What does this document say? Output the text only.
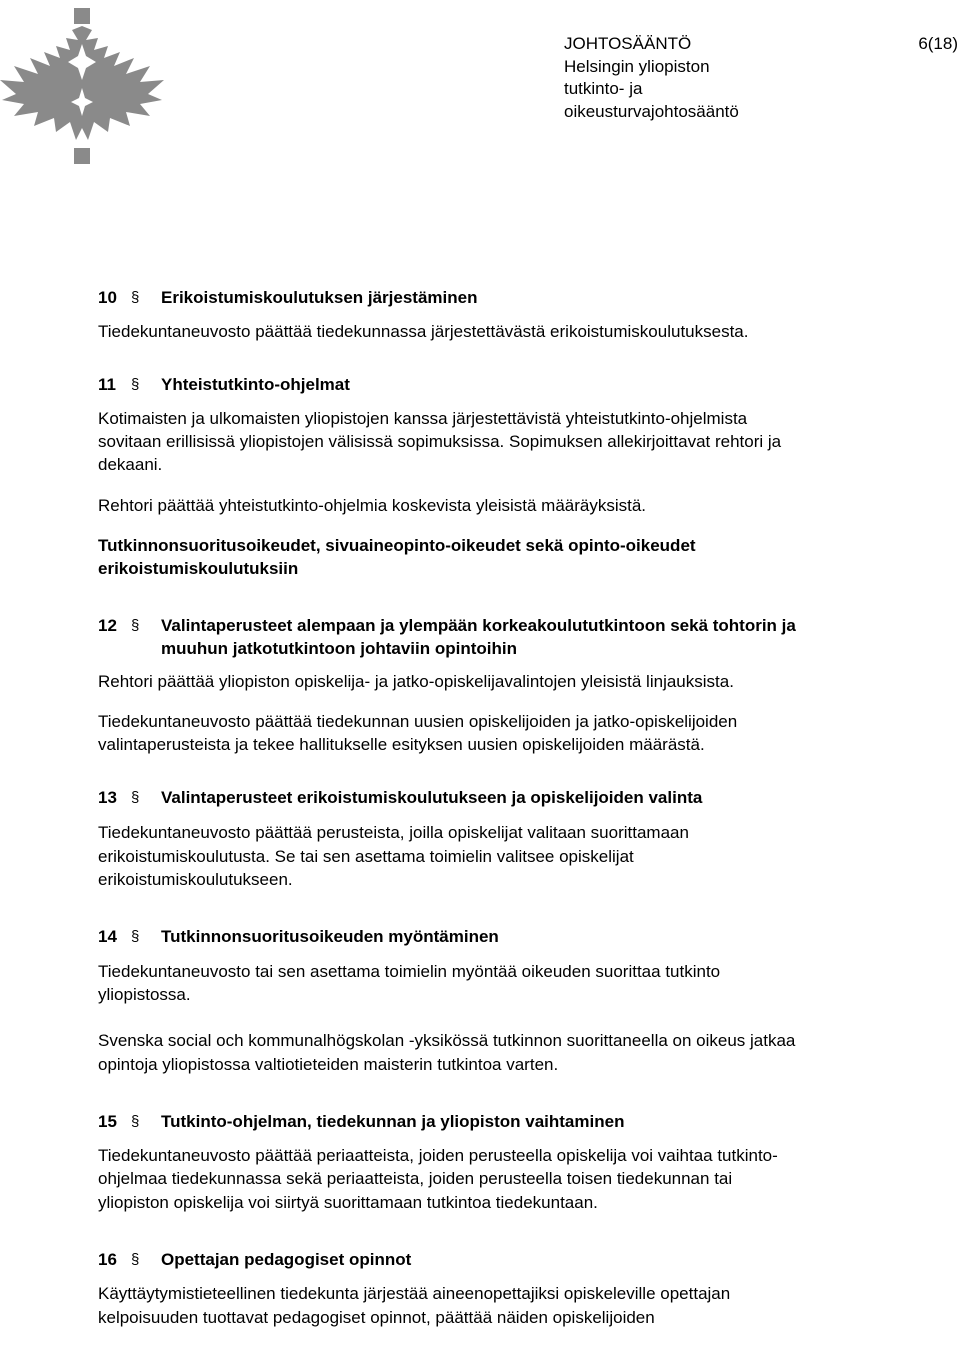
JOHTOSÄÄNTÖ
Helsingin yliopiston
tutkinto- ja
oikeusturvajohtosääntö
6(18)
10 § Erikoistumiskoulutuksen järjestäminen

Tiedekuntaneuvosto päättää tiedekunnassa järjestettävästä erikoistumiskoulutuksesta.

11 § Yhteistutkinto-ohjelmat

Kotimaisten ja ulkomaisten yliopistojen kanssa järjestettävistä yhteistutkinto-ohjelmista
sovitaan erillisissä yliopistojen välisissä sopimuksissa. Sopimuksen allekirjoittavat rehtori ja
dekaani.

Rehtori päättää yhteistutkinto-ohjelmia koskevista yleisistä määräyksistä.

Tutkinnonsuoritusoikeudet, sivuaineopinto-oikeudet sekä opinto-oikeudet
erikoistumiskoulutuksiin

12 § Valintaperusteet alempaan ja ylempään korkeakoulututkintoon sekä tohtorin ja
muuhun jatkotutkintoon johtaviin opintoihin

Rehtori päättää yliopiston opiskelija- ja jatko-opiskelijavalintojen yleisistä linjauksista.

Tiedekuntaneuvosto päättää tiedekunnan uusien opiskelijoiden ja jatko-opiskelijoiden
valintaperusteista ja tekee hallitukselle esityksen uusien opiskelijoiden määrästä.

13 § Valintaperusteet erikoistumiskoulutukseen ja opiskelijoiden valinta

Tiedekuntaneuvosto päättää perusteista, joilla opiskelijat valitaan suorittamaan
erikoistumiskoulutusta. Se tai sen asettama toimielin valitsee opiskelijat
erikoistumiskoulutukseen.

14 § Tutkinnonsuoritusoikeuden myöntäminen

Tiedekuntaneuvosto tai sen asettama toimielin myöntää oikeuden suorittaa tutkinto
yliopistossa.

Svenska social och kommunalhögskolan -yksikössä tutkinnon suorittaneella on oikeus jatkaa
opintoja yliopistossa valtiotieteiden maisterin tutkintoa varten.

15 § Tutkinto-ohjelman, tiedekunnan ja yliopiston vaihtaminen

Tiedekuntaneuvosto päättää periaatteista, joiden perusteella opiskelija voi vaihtaa tutkinto-
ohjelmaa tiedekunnassa sekä periaatteista, joiden perusteella toisen tiedekunnan tai
yliopiston opiskelija voi siirtyä suorittamaan tutkintoa tiedekuntaan.

16 § Opettajan pedagogiset opinnot

Käyttäytymistieteellinen tiedekunta järjestää aineenopettajiksi opiskeleville opettajan
kelpoisuuden tuottavat pedagogiset opinnot, päättää näiden opiskelijoiden
